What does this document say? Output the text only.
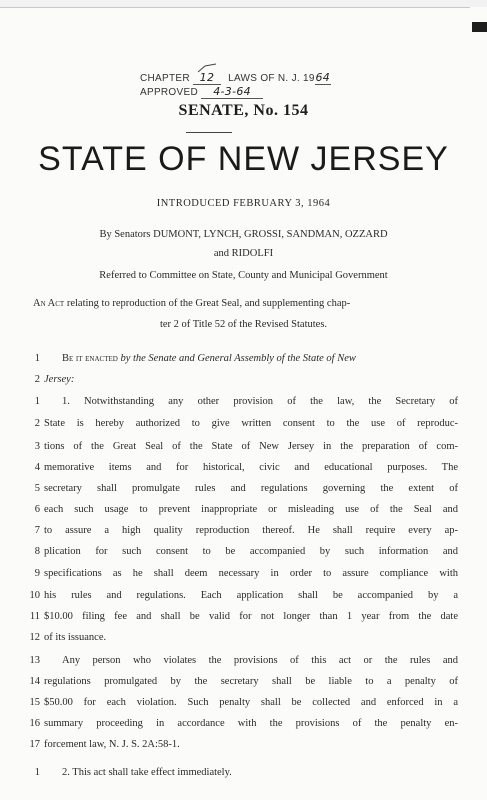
CHAPTER 12 LAWS OF N. J. 1964
APPROVED 4-3-64
SENATE, No. 154
STATE OF NEW JERSEY
INTRODUCED FEBRUARY 3, 1964
By Senators DUMONT, LYNCH, GROSSI, SANDMAN, OZZARD
and RIDOLFI
Referred to Committee on State, County and Municipal Government
An Act relating to reproduction of the Great Seal, and supplementing chap-
ter 2 of Title 52 of the Revised Statutes.
1 Be it enacted by the Senate and General Assembly of the State of New
2 Jersey:
1 1. Notwithstanding any other provision of the law, the Secretary of
2 State is hereby authorized to give written consent to the use of reproduc-
3 tions of the Great Seal of the State of New Jersey in the preparation of com-
4 memorative items and for historical, civic and educational purposes. The
5 secretary shall promulgate rules and regulations governing the extent of
6 each such usage to prevent inappropriate or misleading use of the Seal and
7 to assure a high quality reproduction thereof. He shall require every ap-
8 plication for such consent to be accompanied by such information and
9 specifications as he shall deem necessary in order to assure compliance with
10 his rules and regulations. Each application shall be accompanied by a
11 $10.00 filing fee and shall be valid for not longer than 1 year from the date
12 of its issuance.
13 Any person who violates the provisions of this act or the rules and
14 regulations promulgated by the secretary shall be liable to a penalty of
15 $50.00 for each violation. Such penalty shall be collected and enforced in a
16 summary proceeding in accordance with the provisions of the penalty en-
17 forcement law, N. J. S. 2A:58-1.
1 2. This act shall take effect immediately.
